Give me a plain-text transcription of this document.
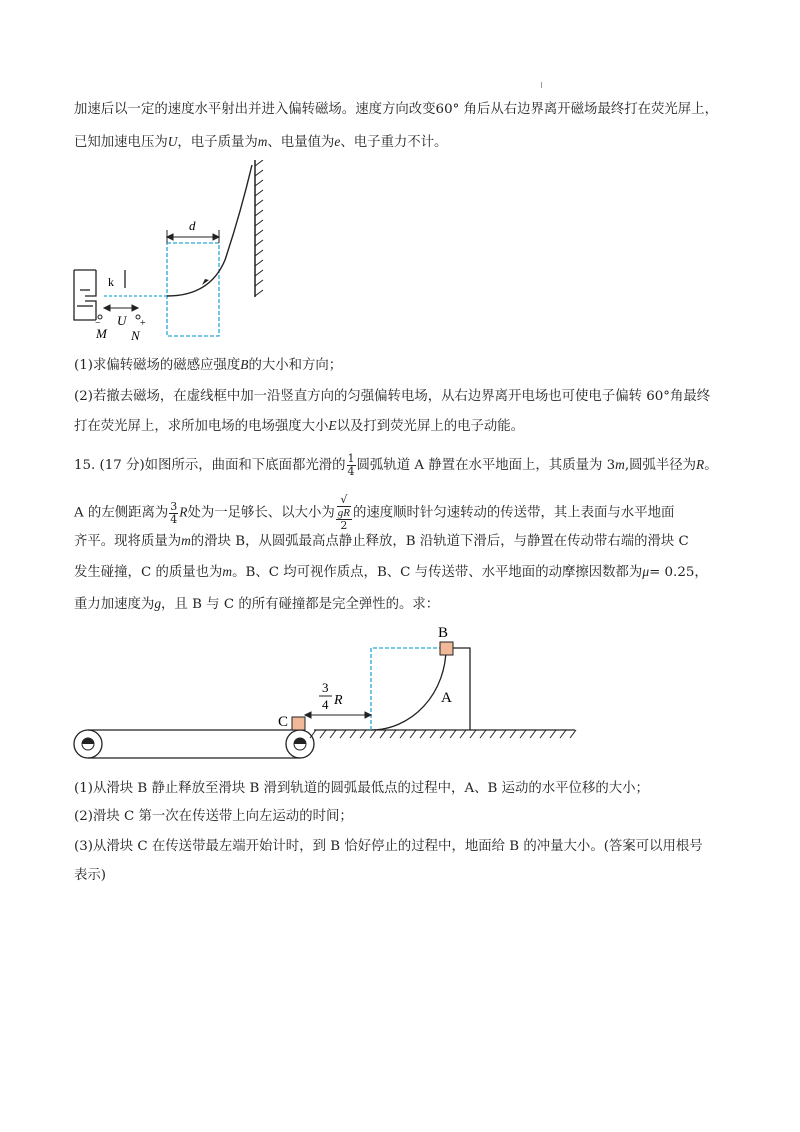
加速后以一定的速度水平射出并进入偏转磁场。速度方向改变60° 角后从右边界离开磁场最终打在荧光屏上，
已知加速电压为U，电子质量为m、电量值为e、电子重力不计。
k
U
M N
−	+
d
(1)求偏转磁场的磁感应强度B的大小和方向；
(2)若撤去磁场，在虚线框中加一沿竖直方向的匀强偏转电场，从右边界离开电场也可使电子偏转 60°角最终
打在荧光屏上，求所加电场的电场强度大小E以及打到荧光屏上的电子动能。
15. (17 分)如图所示，曲面和下底面都光滑的 $\frac{1}{4}$ 圆弧轨道 A 静置在水平地面上，其质量为 3m,圆弧半径为R。
A 的左侧距离为 $\frac{3}{4}$ R处为一足够长、以大小为 √
gR
2 的速度顺时针匀速转动的传送带，其上表面与水平地面
齐平。现将质量为m的滑块 B，从圆弧最高点静止释放，B 沿轨道下滑后，与静置在传动带右端的滑块 C
发生碰撞，C 的质量也为m。B、C 均可视作质点，B、C 与传送带、水平地面的动摩擦因数都为μ= 0.25，
重力加速度为g，且 B 与 C 的所有碰撞都是完全弹性的。求：
B
A
C
3
4 R
(1)从滑块 B 静止释放至滑块 B 滑到轨道的圆弧最低点的过程中，A、B 运动的水平位移的大小；
(2)滑块 C 第一次在传送带上向左运动的时间；
(3)从滑块 C 在传送带最左端开始计时，到 B 恰好停止的过程中，地面给 B 的冲量大小。(答案可以用根号
表示)
